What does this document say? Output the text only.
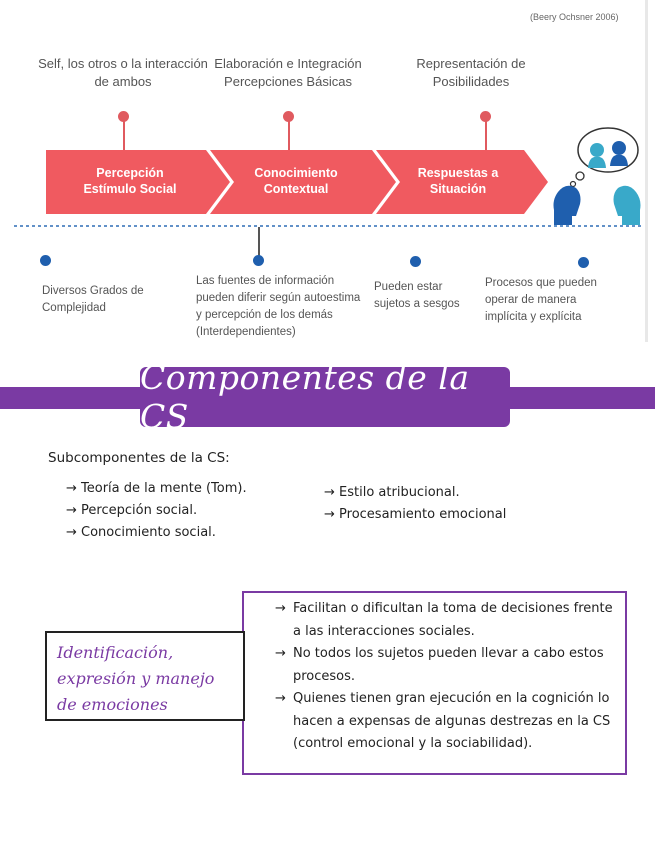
(Beery Ochsner 2006)
Self, los otros o la interacción de ambos
Elaboración e Integración Percepciones Básicas
Representación de Posibilidades
Percepción
Estímulo Social
Conocimiento
Contextual
Respuestas a
Situación
Diversos Grados de Complejidad
Las fuentes de información pueden diferir según autoestima y percepción de los demás (Interdependientes)
Pueden estar sujetos a sesgos
Procesos que pueden operar de manera implícita y explícita
Componentes de la CS
Subcomponentes de la CS:
→ Teoría de la mente (Tom).
→ Percepción social.
→ Conocimiento social.
→ Estilo atribucional.
→ Procesamiento emocional
Identificación,
expresión y manejo
de emociones
→ Facilitan o dificultan la toma de decisiones frente a las interacciones sociales.
→ No todos los sujetos pueden llevar a cabo estos procesos.
→ Quienes tienen gran ejecución en la cognición lo hacen a expensas de algunas destrezas en la CS (control emocional y la sociabilidad).
